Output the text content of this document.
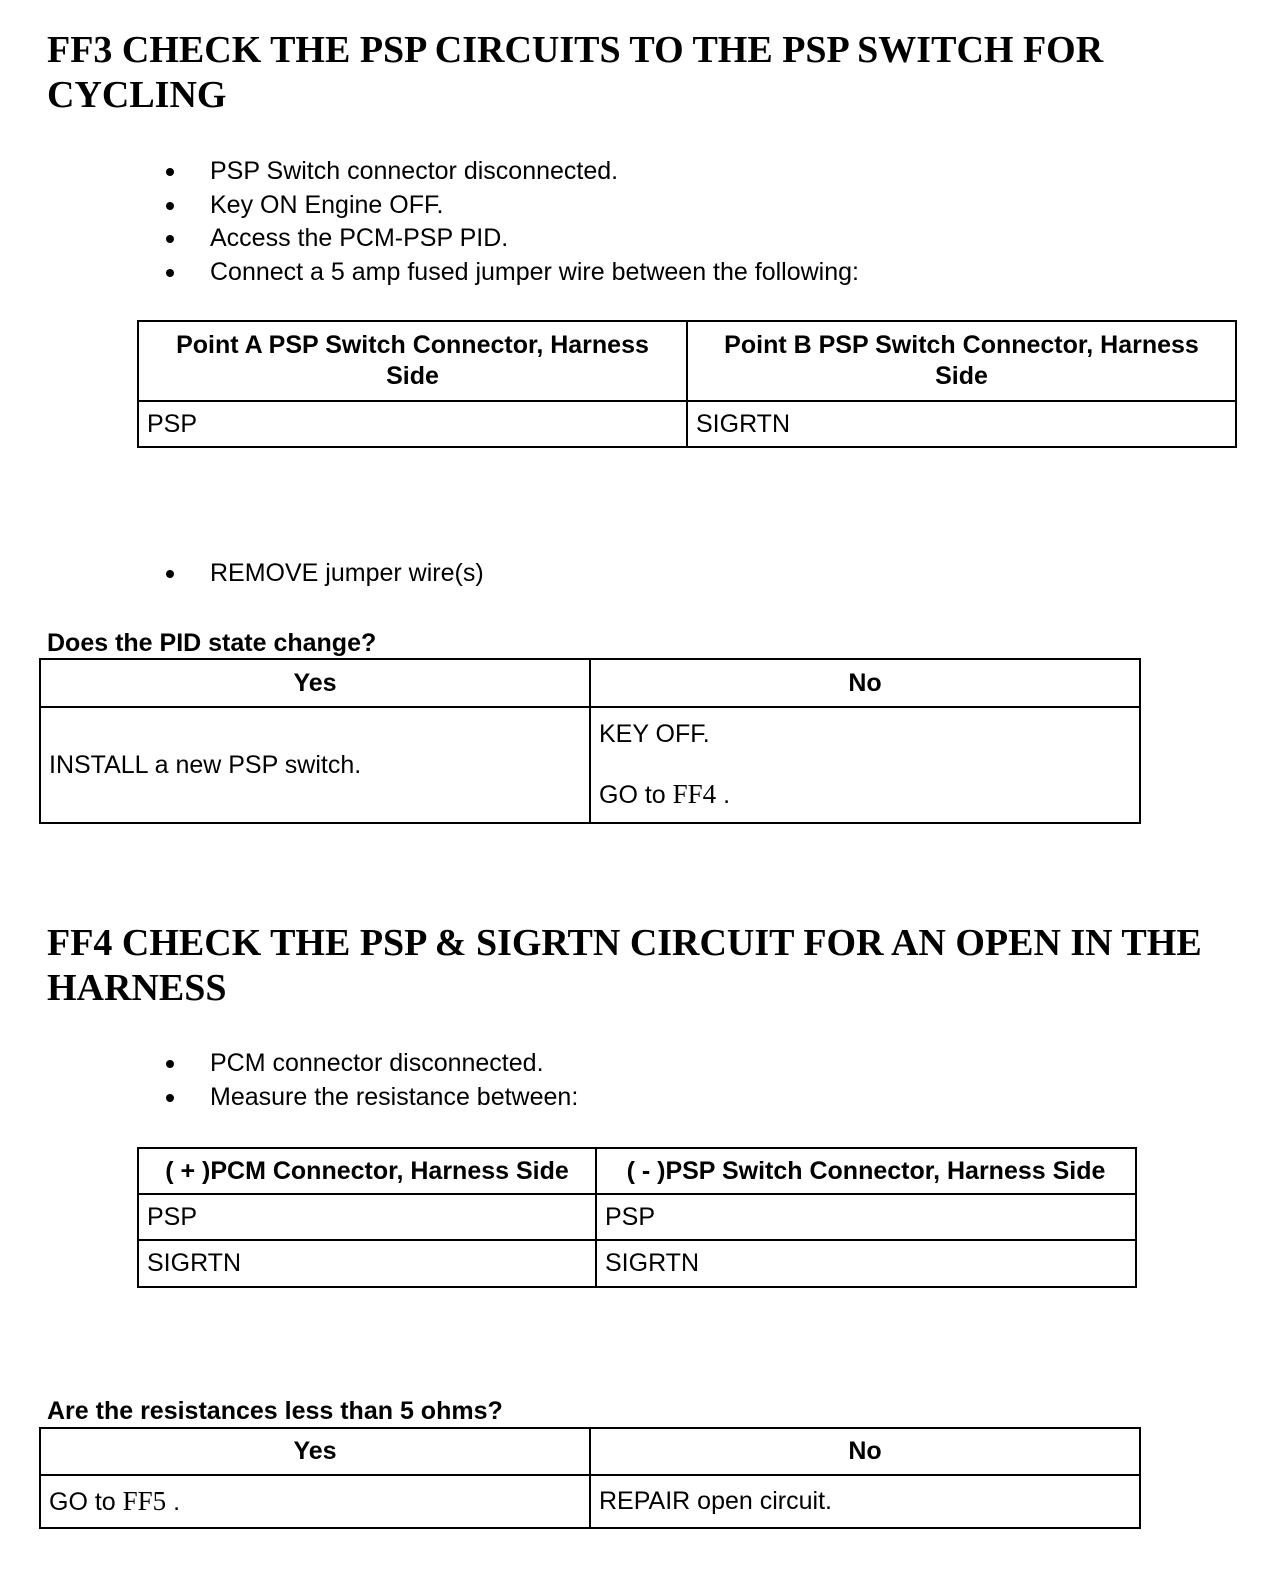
FF3 CHECK THE PSP CIRCUITS TO THE PSP SWITCH FOR
CYCLING
PSP Switch connector disconnected.
Key ON Engine OFF.
Access the PCM-PSP PID.
Connect a 5 amp fused jumper wire between the following:
Point A PSP Switch Connector, Harness Side	Point B PSP Switch Connector, Harness Side
PSP	SIGRTN
REMOVE jumper wire(s)

Does the PID state change?

Yes	No
INSTALL a new PSP switch.	KEY OFF.
GO to FF4 .
FF4 CHECK THE PSP & SIGRTN CIRCUIT FOR AN OPEN IN THE
HARNESS
PCM connector disconnected.
Measure the resistance between:
( + )PCM Connector, Harness Side	( - )PSP Switch Connector, Harness Side
PSP	PSP
SIGRTN	SIGRTN

Are the resistances less than 5 ohms?

Yes	No
GO to FF5 .	REPAIR open circuit.
